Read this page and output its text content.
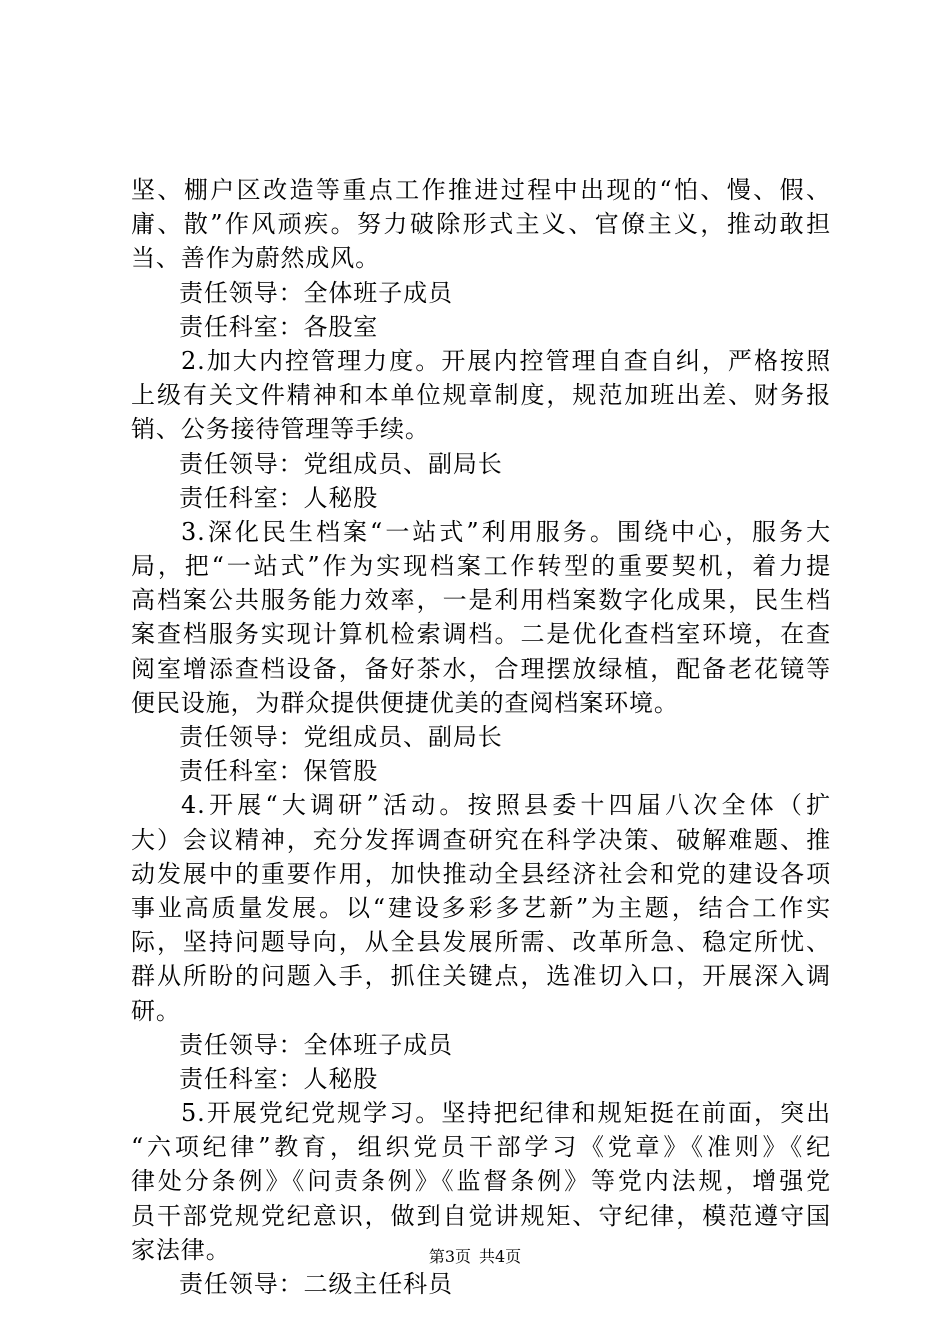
坚、棚户区改造等重点工作推进过程中出现的“怕、慢、假、
庸、散”作风顽疾。努力破除形式主义、官僚主义，推动敢担
当、善作为蔚然成风。
责任领导：全体班子成员
责任科室：各股室
2.加大内控管理力度。开展内控管理自查自纠，严格按照
上级有关文件精神和本单位规章制度，规范加班出差、财务报
销、公务接待管理等手续。
责任领导：党组成员、副局长
责任科室：人秘股
3.深化民生档案“一站式”利用服务。围绕中心，服务大
局，把“一站式”作为实现档案工作转型的重要契机，着力提
高档案公共服务能力效率，一是利用档案数字化成果，民生档
案查档服务实现计算机检索调档。二是优化查档室环境，在查
阅室增添查档设备，备好茶水，合理摆放绿植，配备老花镜等
便民设施，为群众提供便捷优美的查阅档案环境。
责任领导：党组成员、副局长
责任科室：保管股
4.开展“大调研”活动。按照县委十四届八次全体（扩
大）会议精神，充分发挥调查研究在科学决策、破解难题、推
动发展中的重要作用，加快推动全县经济社会和党的建设各项
事业高质量发展。以“建设多彩多艺新”为主题，结合工作实
际，坚持问题导向，从全县发展所需、改革所急、稳定所忧、
群从所盼的问题入手，抓住关键点，选准切入口，开展深入调
研。
责任领导：全体班子成员
责任科室：人秘股
5.开展党纪党规学习。坚持把纪律和规矩挺在前面，突出
“六项纪律”教育，组织党员干部学习《党章》《准则》《纪
律处分条例》《问责条例》《监督条例》等党内法规，增强党
员干部党规党纪意识，做到自觉讲规矩、守纪律，模范遵守国
家法律。
责任领导：二级主任科员
第3页 共4页
